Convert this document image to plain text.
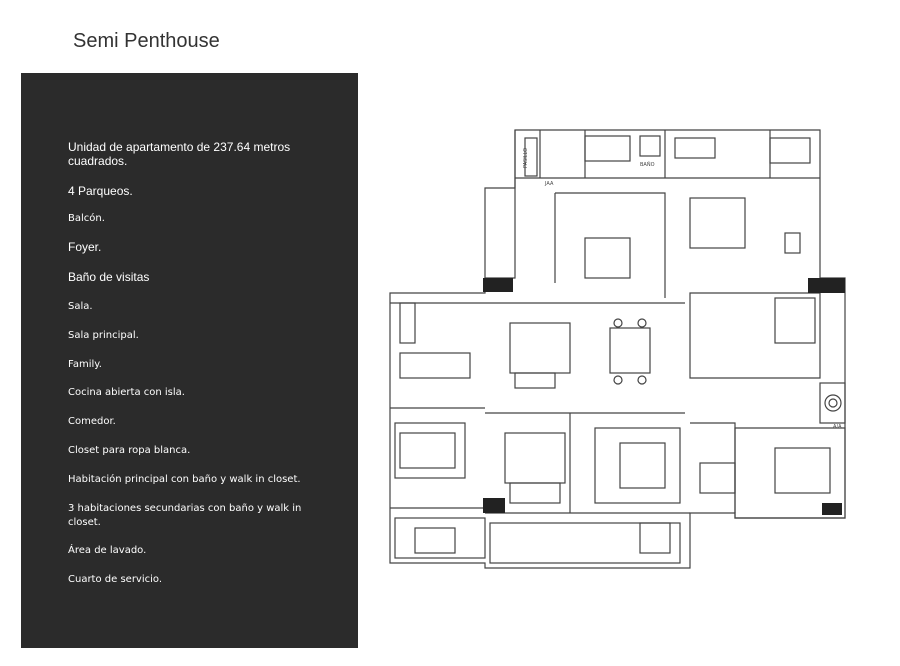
Semi Penthouse

Unidad de apartamento de 237.64 metros cuadrados.

4 Parqueos.

Balcón.

Foyer.

Baño de visitas

Sala.

Sala principal.

Family.

Cocina abierta con isla.

Comedor.

Closet para ropa blanca.

Habitación principal con baño y walk in closet.

3 habitaciones secundarias con baño y walk in closet.

Área de lavado.

Cuarto de servicio.

PASILLO	BAÑO
A/A
JAA
